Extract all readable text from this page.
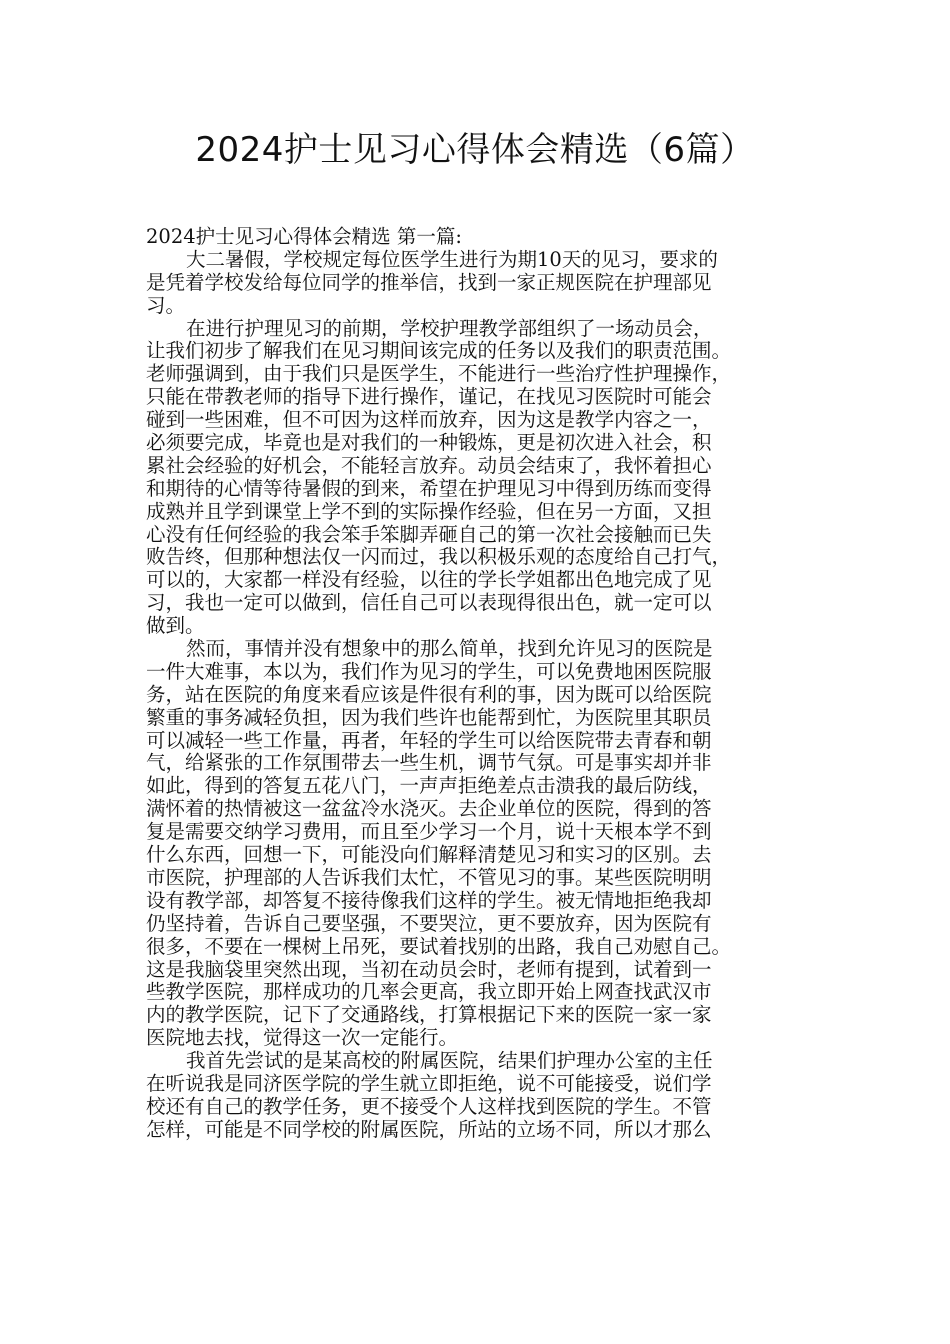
2024护士见习心得体会精选（6篇）
2024护士见习心得体会精选 第一篇:
大二暑假，学校规定每位医学生进行为期10天的见习，要求的
是凭着学校发给每位同学的推举信，找到一家正规医院在护理部见
习。
在进行护理见习的前期，学校护理教学部组织了一场动员会，
让我们初步了解我们在见习期间该完成的任务以及我们的职责范围。
老师强调到，由于我们只是医学生，不能进行一些治疗性护理操作，
只能在带教老师的指导下进行操作，谨记，在找见习医院时可能会
碰到一些困难，但不可因为这样而放弃，因为这是教学内容之一，
必须要完成，毕竟也是对我们的一种锻炼，更是初次进入社会，积
累社会经验的好机会，不能轻言放弃。动员会结束了，我怀着担心
和期待的心情等待暑假的到来，希望在护理见习中得到历练而变得
成熟并且学到课堂上学不到的实际操作经验，但在另一方面，又担
心没有任何经验的我会笨手笨脚弄砸自己的第一次社会接触而已失
败告终，但那种想法仅一闪而过，我以积极乐观的态度给自己打气，
可以的，大家都一样没有经验，以往的学长学姐都出色地完成了见
习，我也一定可以做到，信任自己可以表现得很出色，就一定可以
做到。
然而，事情并没有想象中的那么简单，找到允许见习的医院是
一件大难事，本以为，我们作为见习的学生，可以免费地困医院服
务，站在医院的角度来看应该是件很有利的事，因为既可以给医院
繁重的事务减轻负担，因为我们些许也能帮到忙，为医院里其职员
可以减轻一些工作量，再者，年轻的学生可以给医院带去青春和朝
气，给紧张的工作氛围带去一些生机，调节气氛。可是事实却并非
如此，得到的答复五花八门，一声声拒绝差点击溃我的最后防线，
满怀着的热情被这一盆盆冷水浇灭。去企业单位的医院，得到的答
复是需要交纳学习费用，而且至少学习一个月，说十天根本学不到
什么东西，回想一下，可能没向们解释清楚见习和实习的区别。去
市医院，护理部的人告诉我们太忙，不管见习的事。某些医院明明
设有教学部，却答复不接待像我们这样的学生。被无情地拒绝我却
仍坚持着，告诉自己要坚强，不要哭泣，更不要放弃，因为医院有
很多，不要在一棵树上吊死，要试着找别的出路，我自己劝慰自己。
这是我脑袋里突然出现，当初在动员会时，老师有提到，试着到一
些教学医院，那样成功的几率会更高，我立即开始上网查找武汉市
内的教学医院，记下了交通路线，打算根据记下来的医院一家一家
医院地去找，觉得这一次一定能行。
我首先尝试的是某高校的附属医院，结果们护理办公室的主任
在听说我是同济医学院的学生就立即拒绝，说不可能接受，说们学
校还有自己的教学任务，更不接受个人这样找到医院的学生。不管
怎样，可能是不同学校的附属医院，所站的立场不同，所以才那么
